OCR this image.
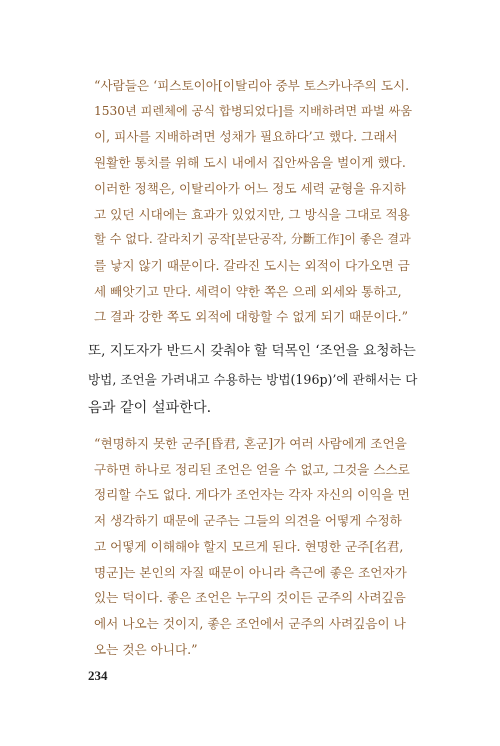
“사람들은 ‘피스토이아[이탈리아 중부 토스카나주의 도시.
1530년 피렌체에 공식 합병되었다]를 지배하려면 파벌 싸움
이, 피사를 지배하려면 성채가 필요하다’고 했다. 그래서
원활한 통치를 위해 도시 내에서 집안싸움을 벌이게 했다.
이러한 정책은, 이탈리아가 어느 정도 세력 균형을 유지하
고 있던 시대에는 효과가 있었지만, 그 방식을 그대로 적용
할 수 없다. 갈라치기 공작[분단공작, 分斷工作]이 좋은 결과
를 낳지 않기 때문이다. 갈라진 도시는 외적이 다가오면 금
세 빼앗기고 만다. 세력이 약한 쪽은 으레 외세와 통하고,
그 결과 강한 쪽도 외적에 대항할 수 없게 되기 때문이다.”
또, 지도자가 반드시 갖춰야 할 덕목인 ‘조언을 요청하는
방법, 조언을 가려내고 수용하는 방법(196p)’에 관해서는 다
음과 같이 설파한다.
“현명하지 못한 군주[昏君, 혼군]가 여러 사람에게 조언을
구하면 하나로 정리된 조언은 얻을 수 없고, 그것을 스스로
정리할 수도 없다. 게다가 조언자는 각자 자신의 이익을 먼
저 생각하기 때문에 군주는 그들의 의견을 어떻게 수정하
고 어떻게 이해해야 할지 모르게 된다. 현명한 군주[名君,
명군]는 본인의 자질 때문이 아니라 측근에 좋은 조언자가
있는 덕이다. 좋은 조언은 누구의 것이든 군주의 사려깊음
에서 나오는 것이지, 좋은 조언에서 군주의 사려깊음이 나
오는 것은 아니다.”
234
